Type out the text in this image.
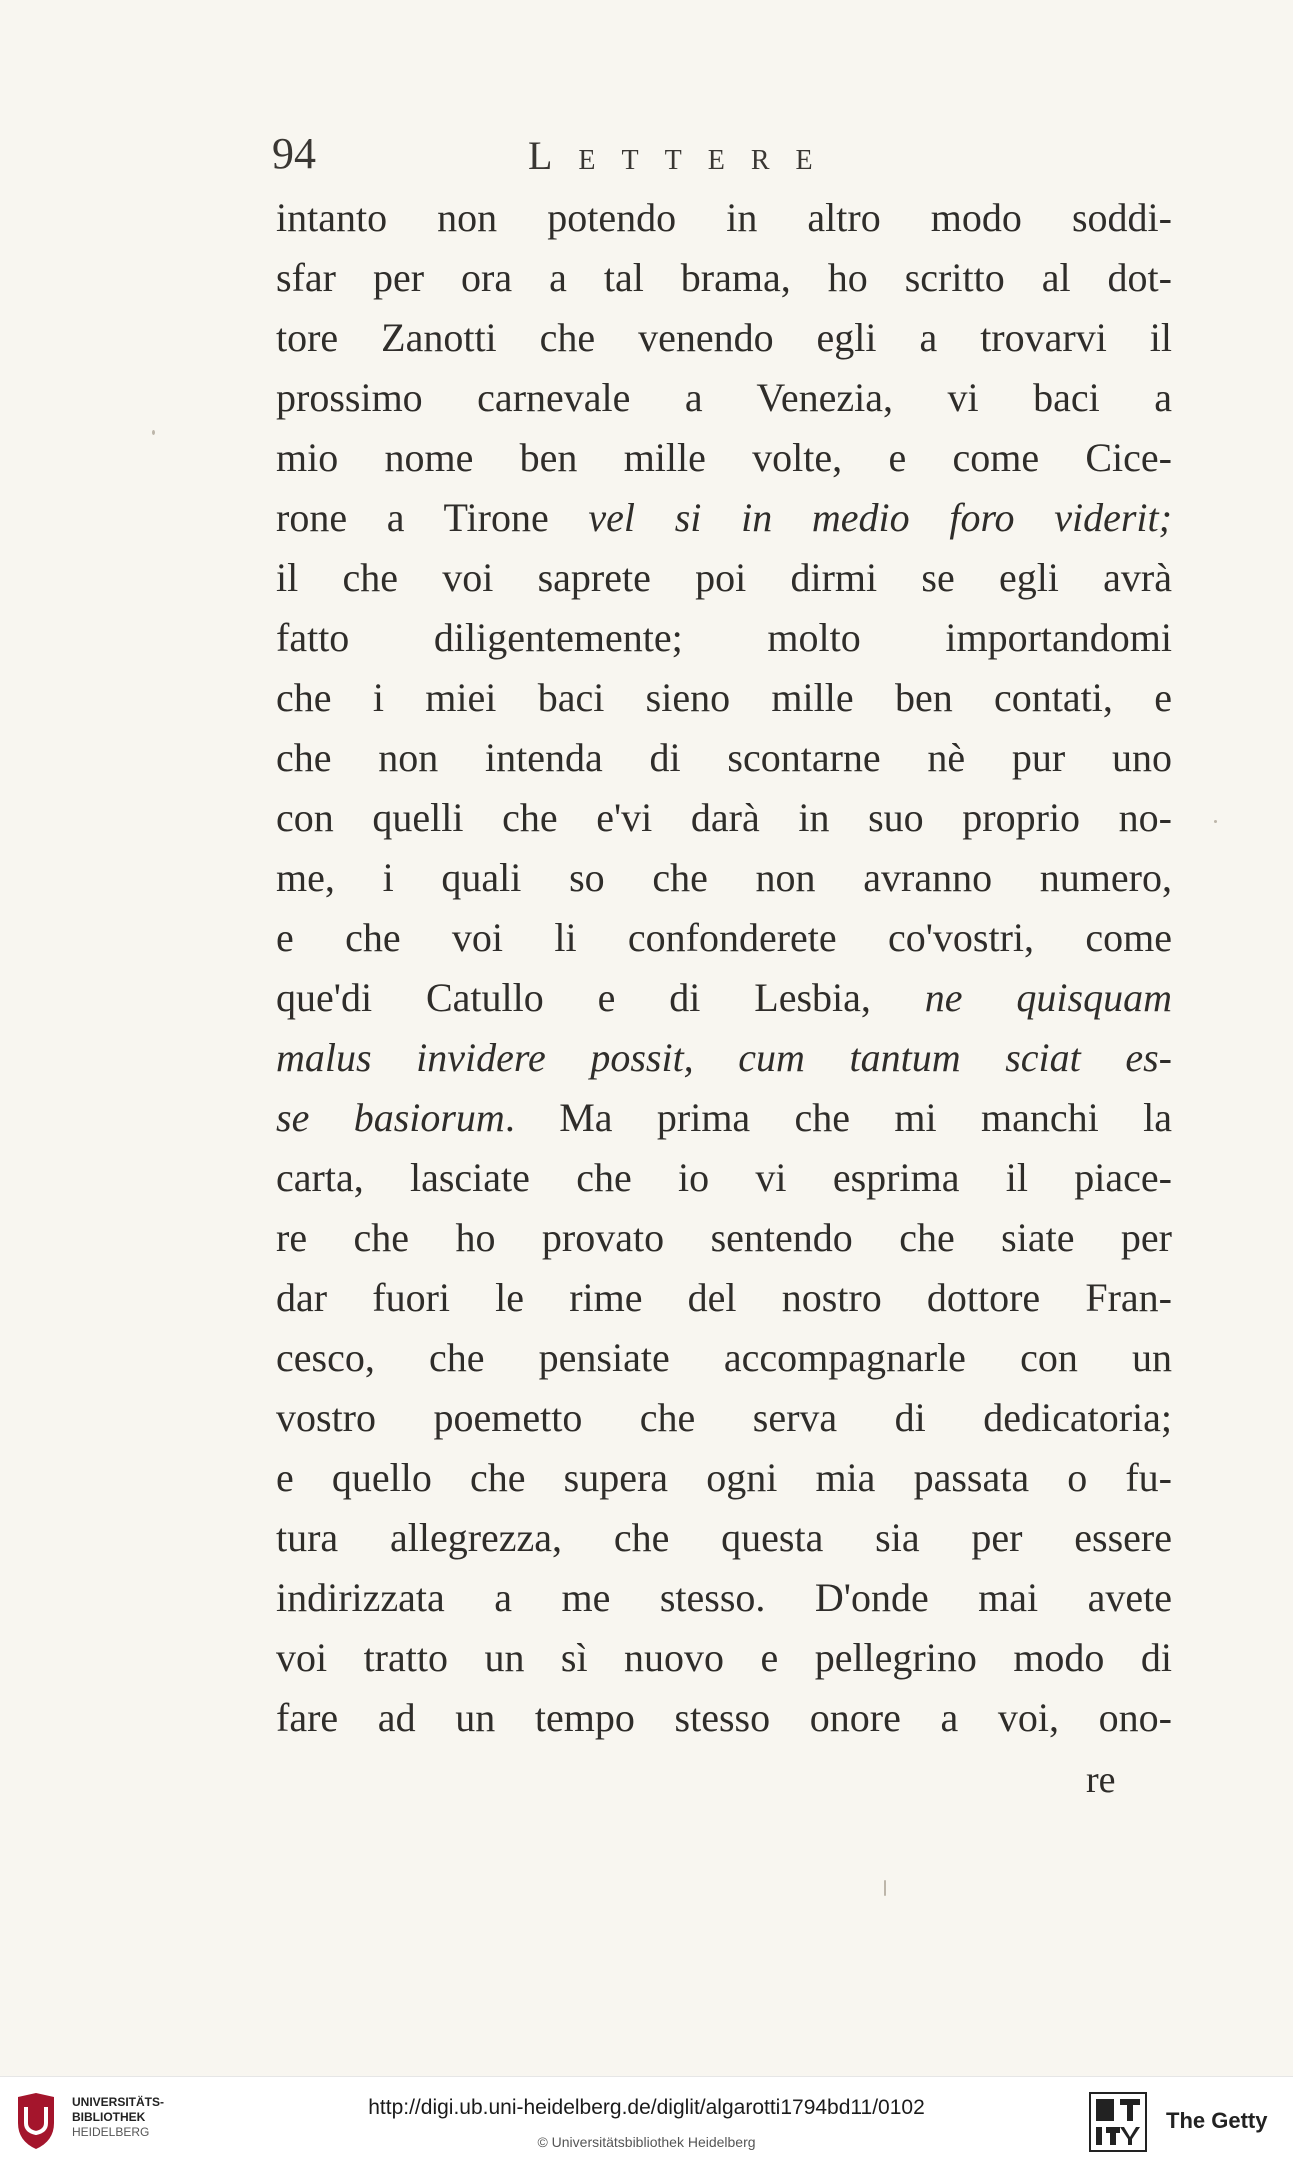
94	Lettere
intanto non potendo in altro modo soddi-
sfar per ora a tal brama, ho scritto al dot-
tore Zanotti che venendo egli a trovarvi il
prossimo carnevale a Venezia, vi baci a
mio nome ben mille volte, e come Cice-
rone a Tirone vel si in medio foro viderit;
il che voi saprete poi dirmi se egli avrà
fatto diligentemente; molto importandomi
che i miei baci sieno mille ben contati, e
che non intenda di scontarne nè pur uno
con quelli che e'vi darà in suo proprio no-
me, i quali so che non avranno numero,
e che voi li confonderete co'vostri, come
que'di Catullo e di Lesbia, ne quisquam
malus invidere possit, cum tantum sciat es-
se basiorum. Ma prima che mi manchi la
carta, lasciate che io vi esprima il piace-
re che ho provato sentendo che siate per
dar fuori le rime del nostro dottore Fran-
cesco, che pensiate accompagnarle con un
vostro poemetto che serva di dedicatoria;
e quello che supera ogni mia passata o fu-
tura allegrezza, che questa sia per essere
indirizzata a me stesso. D'onde mai avete
voi tratto un sì nuovo e pellegrino modo di
fare ad un tempo stesso onore a voi, ono-
re
UNIVERSITÄTS-
BIBLIOTHEK
HEIDELBERG
http://digi.ub.uni-heidelberg.de/diglit/algarotti1794bd11/0102
© Universitätsbibliothek Heidelberg
The Getty
